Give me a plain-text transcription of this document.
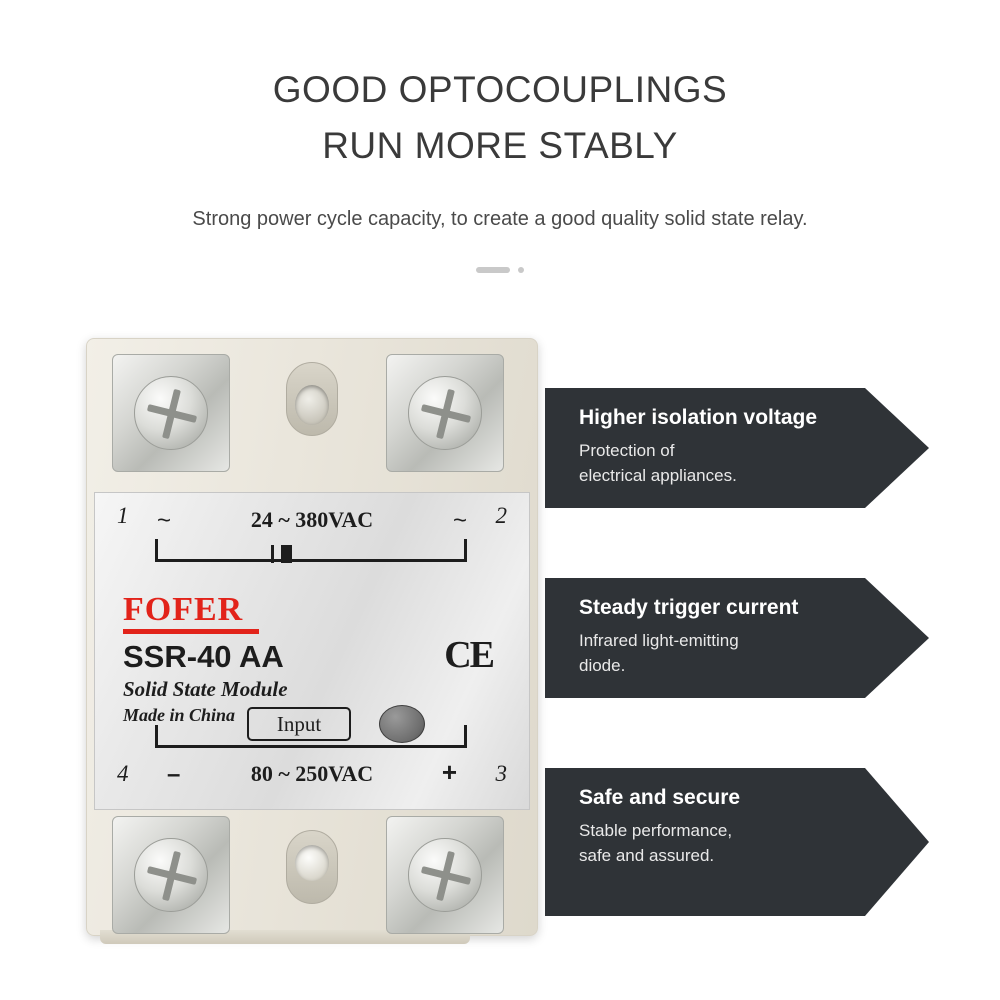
GOOD OPTOCOUPLINGS
RUN MORE STABLY
Strong power cycle capacity, to create a good quality solid state relay.
1 ~	24 ~ 380VAC	~ 2
FOFER
SSR-40 AA
Solid State Module
Made in China
CE
Input
4 –	80 ~ 250VAC	+ 3
Higher isolation voltage
Protection of
electrical appliances.
Steady trigger current
Infrared light-emitting
diode.
Safe and secure
Stable performance,
safe and assured.
